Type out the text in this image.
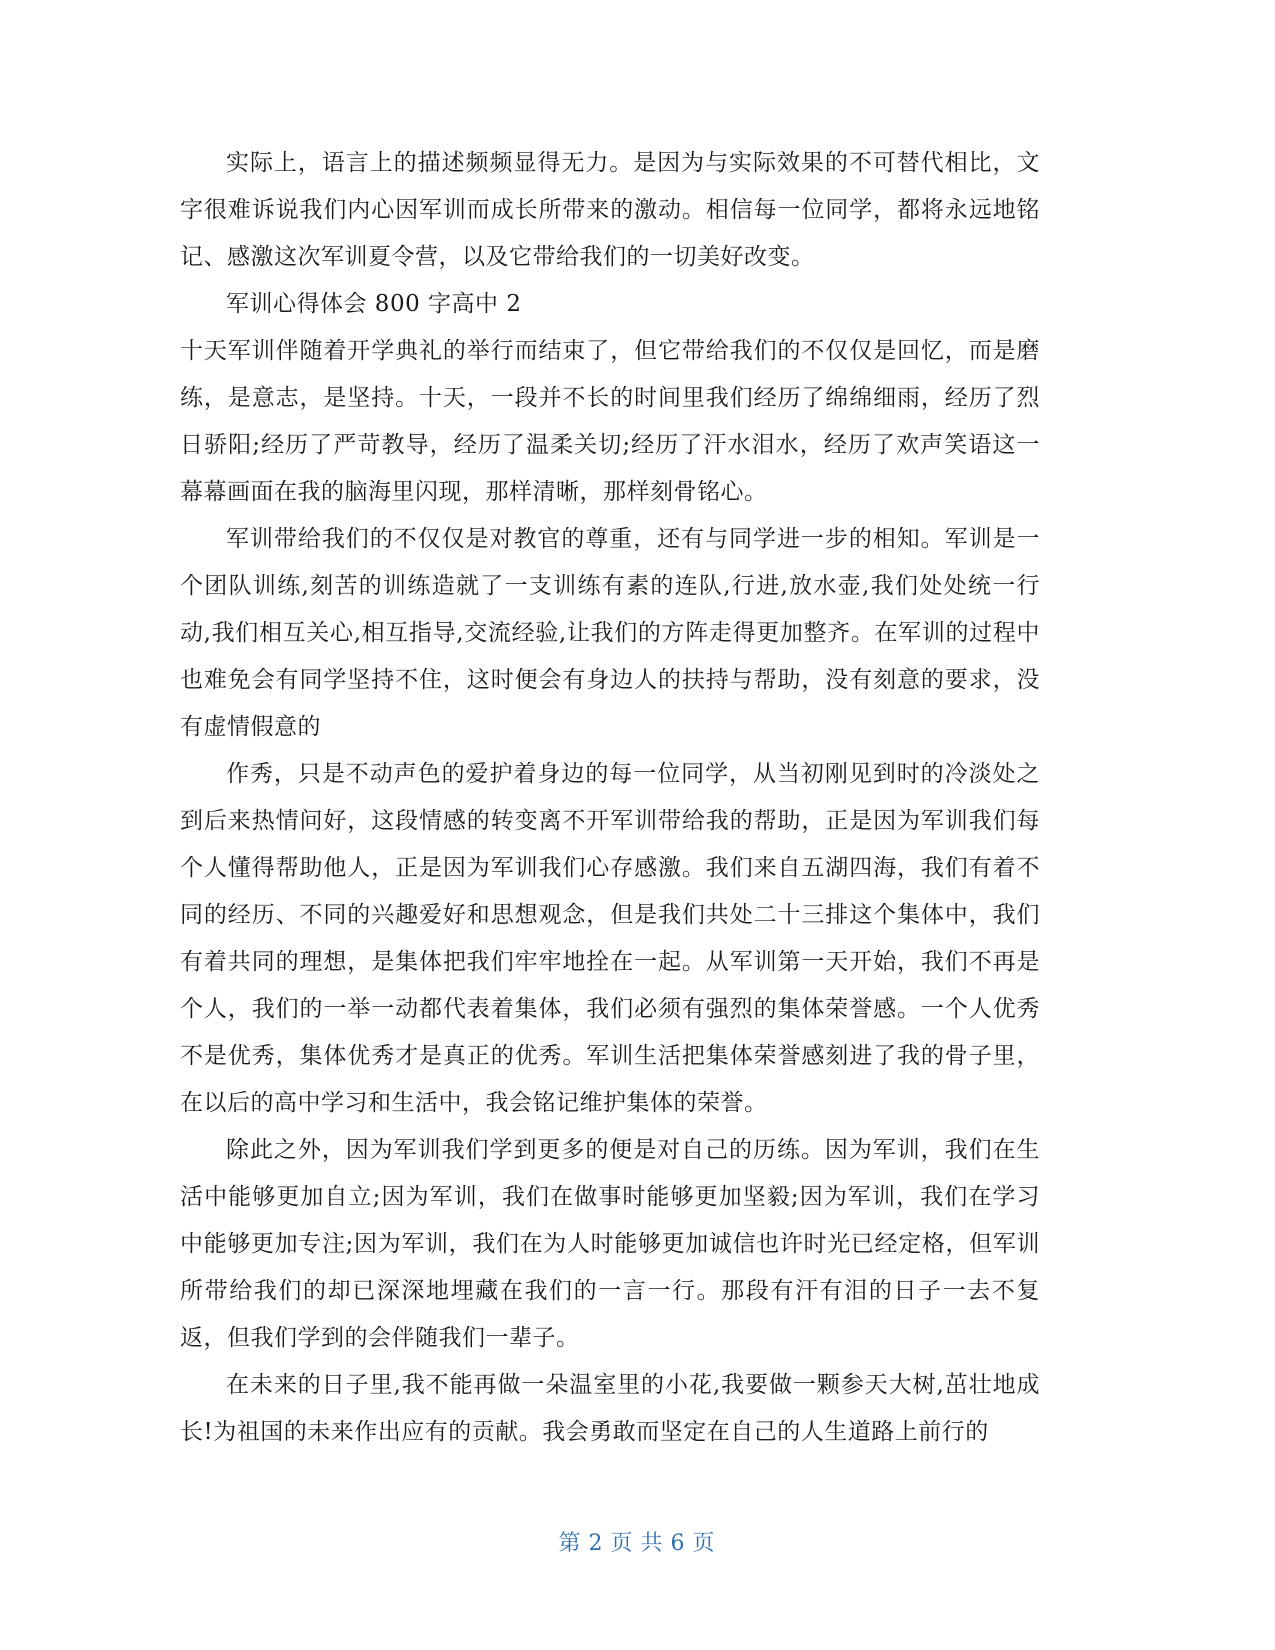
实际上，语言上的描述频频显得无力。是因为与实际效果的不可替代相比，文字很难诉说我们内心因军训而成长所带来的激动。相信每一位同学，都将永远地铭记、感激这次军训夏令营，以及它带给我们的一切美好改变。

军训心得体会 800 字高中 2

十天军训伴随着开学典礼的举行而结束了，但它带给我们的不仅仅是回忆，而是磨练，是意志，是坚持。十天，一段并不长的时间里我们经历了绵绵细雨，经历了烈日骄阳;经历了严苛教导，经历了温柔关切;经历了汗水泪水，经历了欢声笑语这一幕幕画面在我的脑海里闪现，那样清晰，那样刻骨铭心。

军训带给我们的不仅仅是对教官的尊重，还有与同学进一步的相知。军训是一个团队训练,刻苦的训练造就了一支训练有素的连队,行进,放水壶,我们处处统一行动,我们相互关心,相互指导,交流经验,让我们的方阵走得更加整齐。在军训的过程中也难免会有同学坚持不住，这时便会有身边人的扶持与帮助，没有刻意的要求，没有虚情假意的

作秀，只是不动声色的爱护着身边的每一位同学，从当初刚见到时的冷淡处之到后来热情问好，这段情感的转变离不开军训带给我的帮助，正是因为军训我们每个人懂得帮助他人，正是因为军训我们心存感激。我们来自五湖四海，我们有着不同的经历、不同的兴趣爱好和思想观念，但是我们共处二十三排这个集体中，我们有着共同的理想，是集体把我们牢牢地拴在一起。从军训第一天开始，我们不再是个人，我们的一举一动都代表着集体，我们必须有强烈的集体荣誉感。一个人优秀不是优秀，集体优秀才是真正的优秀。军训生活把集体荣誉感刻进了我的骨子里，在以后的高中学习和生活中，我会铭记维护集体的荣誉。

除此之外，因为军训我们学到更多的便是对自己的历练。因为军训，我们在生活中能够更加自立;因为军训，我们在做事时能够更加坚毅;因为军训，我们在学习中能够更加专注;因为军训，我们在为人时能够更加诚信也许时光已经定格，但军训所带给我们的却已深深地埋藏在我们的一言一行。那段有汗有泪的日子一去不复返，但我们学到的会伴随我们一辈子。

在未来的日子里,我不能再做一朵温室里的小花,我要做一颗参天大树,茁壮地成长!为祖国的未来作出应有的贡献。我会勇敢而坚定在自己的人生道路上前行的

第 2 页 共 6 页
